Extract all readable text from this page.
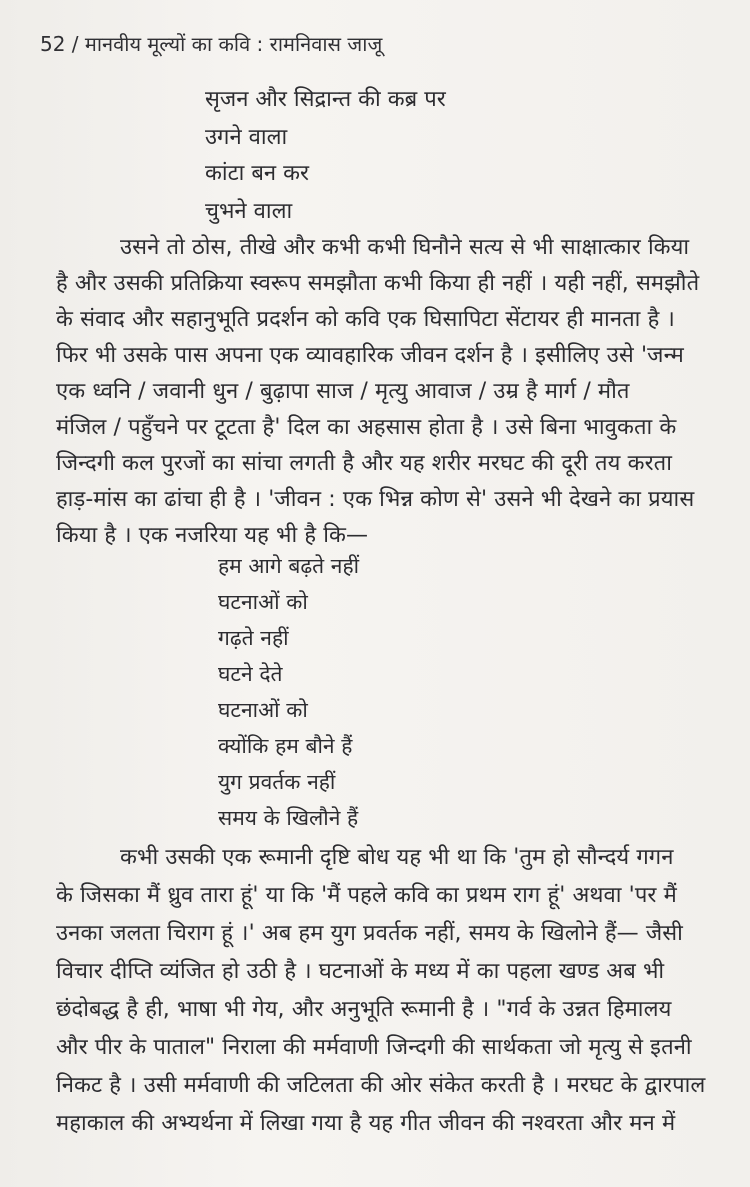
52 / मानवीय मूल्यों का कवि : रामनिवास जाजू
सृजन और सिद्रान्त की कब्र पर
उगने वाला
कांटा बन कर
चुभने वाला
उसने तो ठोस, तीखे और कभी कभी घिनौने सत्य से भी साक्षात्कार किया
है और उसकी प्रतिक्रिया स्वरूप समझौता कभी किया ही नहीं । यही नहीं, समझौते
के संवाद और सहानुभूति प्रदर्शन को कवि एक घिसापिटा सेंटायर ही मानता है ।
फिर भी उसके पास अपना एक व्यावहारिक जीवन दर्शन है । इसीलिए उसे 'जन्म
एक ध्वनि / जवानी धुन / बुढ़ापा साज / मृत्यु आवाज / उम्र है मार्ग / मौत
मंजिल / पहुँचने पर टूटता है' दिल का अहसास होता है । उसे बिना भावुकता के
जिन्दगी कल पुरजों का सांचा लगती है और यह शरीर मरघट की दूरी तय करता
हाड़-मांस का ढांचा ही है । 'जीवन : एक भिन्न कोण से' उसने भी देखने का प्रयास
किया है । एक नजरिया यह भी है कि—
हम आगे बढ़ते नहीं
घटनाओं को
गढ़ते नहीं
घटने देते
घटनाओं को
क्योंकि हम बौने हैं
युग प्रवर्तक नहीं
समय के खिलौने हैं
कभी उसकी एक रूमानी दृष्टि बोध यह भी था कि 'तुम हो सौन्दर्य गगन
के जिसका मैं ध्रुव तारा हूं' या कि 'मैं पहले कवि का प्रथम राग हूं' अथवा 'पर मैं
उनका जलता चिराग हूं ।' अब हम युग प्रवर्तक नहीं, समय के खिलोने हैं— जैसी
विचार दीप्ति व्यंजित हो उठी है । घटनाओं के मध्य में का पहला खण्ड अब भी
छंदोबद्ध है ही, भाषा भी गेय, और अनुभूति रूमानी है । "गर्व के उन्नत हिमालय
और पीर के पाताल" निराला की मर्मवाणी जिन्दगी की सार्थकता जो मृत्यु से इतनी
निकट है । उसी मर्मवाणी की जटिलता की ओर संकेत करती है । मरघट के द्वारपाल
महाकाल की अभ्यर्थना में लिखा गया है यह गीत जीवन की नश्वरता और मन में
